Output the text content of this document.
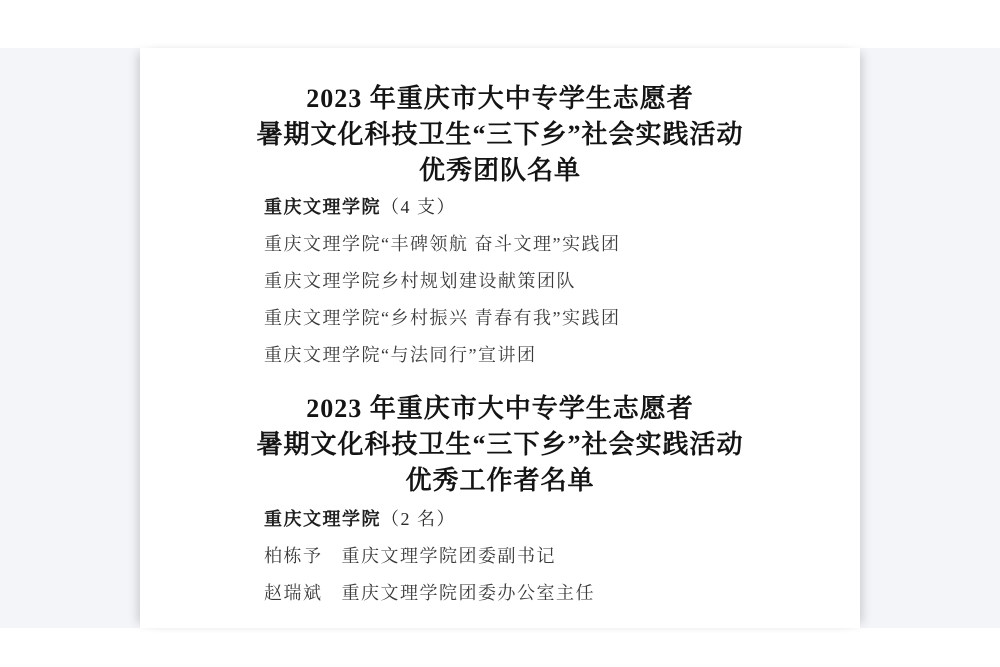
2023 年重庆市大中专学生志愿者
暑期文化科技卫生“三下乡”社会实践活动
优秀团队名单
重庆文理学院（4 支）
重庆文理学院“丰碑领航 奋斗文理”实践团
重庆文理学院乡村规划建设献策团队
重庆文理学院“乡村振兴 青春有我”实践团
重庆文理学院“与法同行”宣讲团
2023 年重庆市大中专学生志愿者
暑期文化科技卫生“三下乡”社会实践活动
优秀工作者名单
重庆文理学院（2 名）
柏栋予 重庆文理学院团委副书记
赵瑞斌 重庆文理学院团委办公室主任
